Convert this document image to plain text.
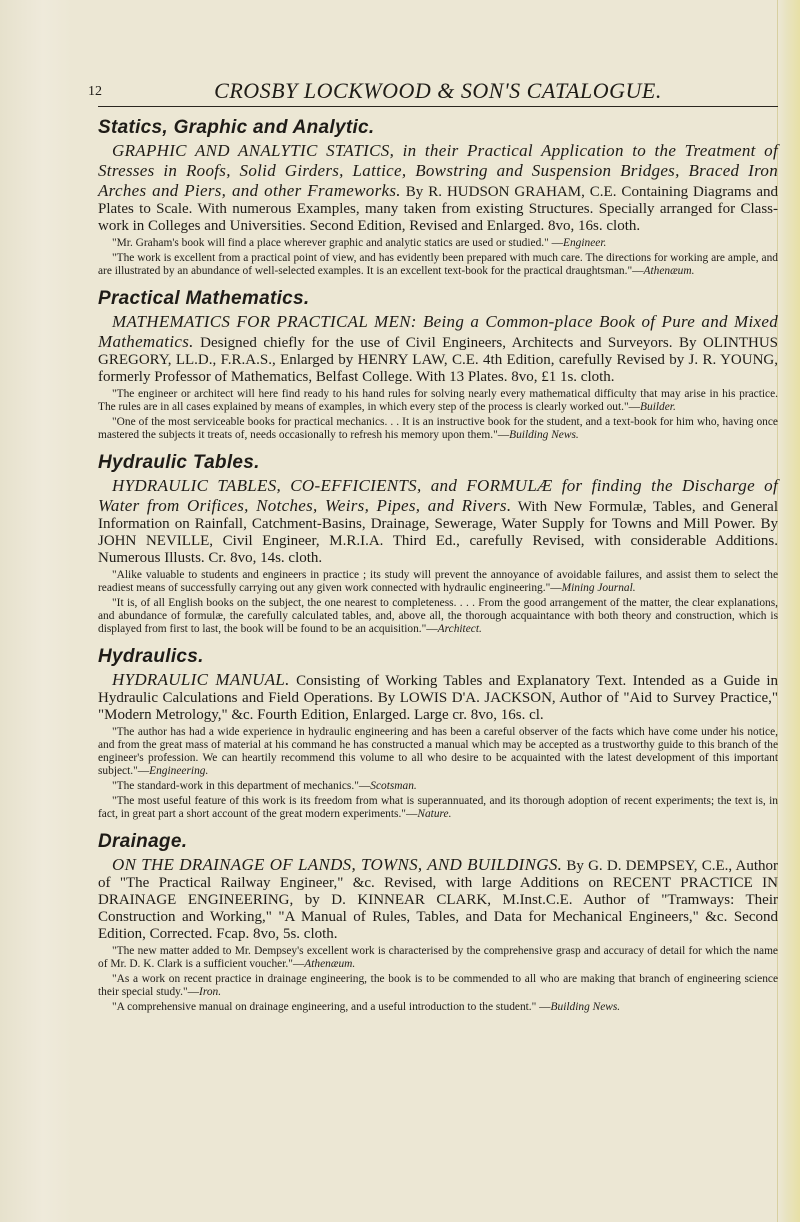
12	CROSBY LOCKWOOD & SON'S CATALOGUE.
Statics, Graphic and Analytic.
GRAPHIC AND ANALYTIC STATICS, in their Practical Application to the Treatment of Stresses in Roofs, Solid Girders, Lattice, Bowstring and Suspension Bridges, Braced Iron Arches and Piers, and other Frameworks. By R. HUDSON GRAHAM, C.E. Containing Diagrams and Plates to Scale. With numerous Examples, many taken from existing Structures. Specially arranged for Class-work in Colleges and Universities. Second Edition, Revised and Enlarged. 8vo, 16s. cloth.
"Mr. Graham's book will find a place wherever graphic and analytic statics are used or studied." —Engineer.
"The work is excellent from a practical point of view, and has evidently been prepared with much care. The directions for working are ample, and are illustrated by an abundance of well-selected examples. It is an excellent text-book for the practical draughtsman."—Athenæum.
Practical Mathematics.
MATHEMATICS FOR PRACTICAL MEN: Being a Common-place Book of Pure and Mixed Mathematics. Designed chiefly for the use of Civil Engineers, Architects and Surveyors. By OLINTHUS GREGORY, LL.D., F.R.A.S., Enlarged by HENRY LAW, C.E. 4th Edition, carefully Revised by J. R. YOUNG, formerly Professor of Mathematics, Belfast College. With 13 Plates. 8vo, £1 1s. cloth.
"The engineer or architect will here find ready to his hand rules for solving nearly every mathematical difficulty that may arise in his practice. The rules are in all cases explained by means of examples, in which every step of the process is clearly worked out."—Builder.
"One of the most serviceable books for practical mechanics. . . It is an instructive book for the student, and a text-book for him who, having once mastered the subjects it treats of, needs occasionally to refresh his memory upon them."—Building News.
Hydraulic Tables.
HYDRAULIC TABLES, CO-EFFICIENTS, and FORMULÆ for finding the Discharge of Water from Orifices, Notches, Weirs, Pipes, and Rivers. With New Formulæ, Tables, and General Information on Rainfall, Catchment-Basins, Drainage, Sewerage, Water Supply for Towns and Mill Power. By JOHN NEVILLE, Civil Engineer, M.R.I.A. Third Ed., carefully Revised, with considerable Additions. Numerous Illusts. Cr. 8vo, 14s. cloth.
"Alike valuable to students and engineers in practice ; its study will prevent the annoyance of avoidable failures, and assist them to select the readiest means of successfully carrying out any given work connected with hydraulic engineering."—Mining Journal.
"It is, of all English books on the subject, the one nearest to completeness. . . . From the good arrangement of the matter, the clear explanations, and abundance of formulæ, the carefully calculated tables, and, above all, the thorough acquaintance with both theory and construction, which is displayed from first to last, the book will be found to be an acquisition."—Architect.
Hydraulics.
HYDRAULIC MANUAL. Consisting of Working Tables and Explanatory Text. Intended as a Guide in Hydraulic Calculations and Field Operations. By LOWIS D'A. JACKSON, Author of "Aid to Survey Practice," "Modern Metrology," &c. Fourth Edition, Enlarged. Large cr. 8vo, 16s. cl.
"The author has had a wide experience in hydraulic engineering and has been a careful observer of the facts which have come under his notice, and from the great mass of material at his command he has constructed a manual which may be accepted as a trustworthy guide to this branch of the engineer's profession. We can heartily recommend this volume to all who desire to be acquainted with the latest development of this important subject."—Engineering.
"The standard-work in this department of mechanics."—Scotsman.
"The most useful feature of this work is its freedom from what is superannuated, and its thorough adoption of recent experiments; the text is, in fact, in great part a short account of the great modern experiments."—Nature.
Drainage.
ON THE DRAINAGE OF LANDS, TOWNS, AND BUILDINGS. By G. D. DEMPSEY, C.E., Author of "The Practical Railway Engineer," &c. Revised, with large Additions on RECENT PRACTICE IN DRAINAGE ENGINEERING, by D. KINNEAR CLARK, M.Inst.C.E. Author of "Tramways: Their Construction and Working," "A Manual of Rules, Tables, and Data for Mechanical Engineers," &c. Second Edition, Corrected. Fcap. 8vo, 5s. cloth.
"The new matter added to Mr. Dempsey's excellent work is characterised by the comprehensive grasp and accuracy of detail for which the name of Mr. D. K. Clark is a sufficient voucher."—Athenæum.
"As a work on recent practice in drainage engineering, the book is to be commended to all who are making that branch of engineering science their special study."—Iron.
"A comprehensive manual on drainage engineering, and a useful introduction to the student." —Building News.
